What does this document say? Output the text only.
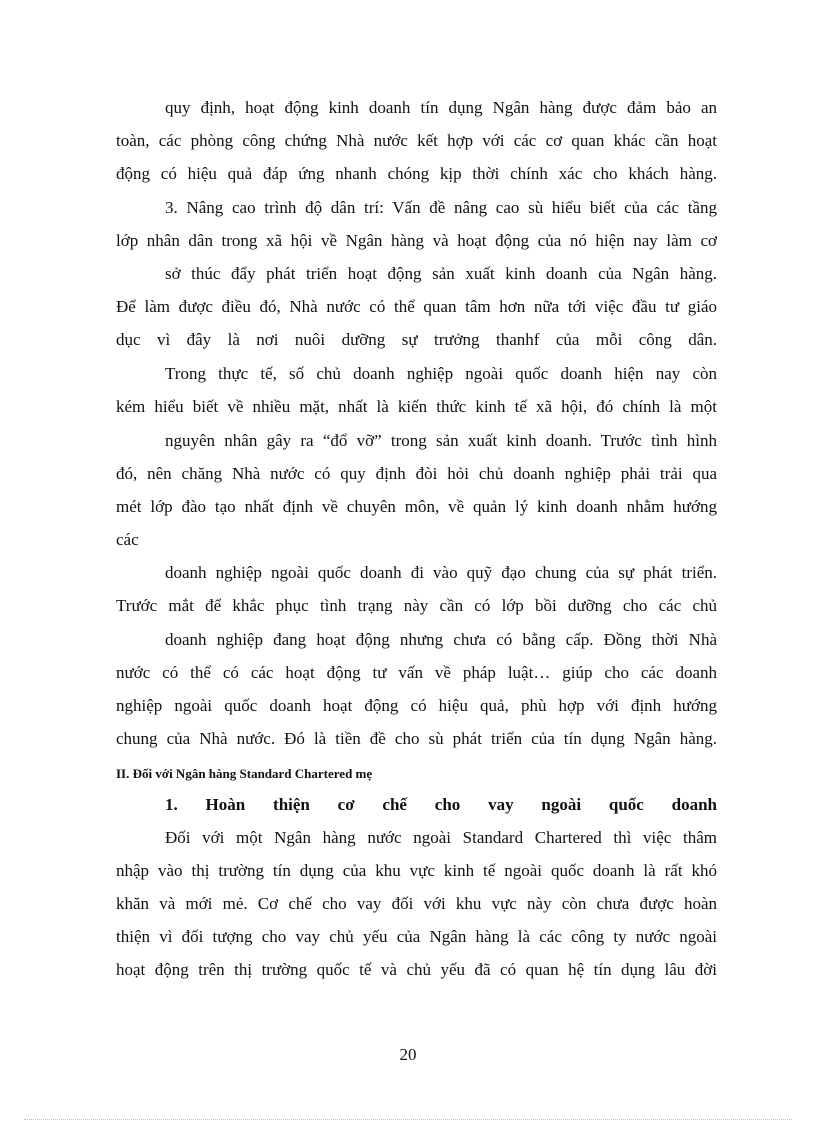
quy định, hoạt động kinh doanh tín dụng Ngân hàng được đảm bảo an
toàn, các phòng công chứng Nhà nước kết hợp với các cơ quan khác cần hoạt
động có hiệu quả đáp ứng nhanh chóng kịp thời chính xác cho khách hàng.
3. Nâng cao trình độ dân trí: Vấn đề nâng cao sù hiểu biết của các tầng
lớp nhân dân trong xã hội về Ngân hàng và hoạt động của nó hiện nay làm cơ
sở thúc đẩy phát triển hoạt động sản xuất kinh doanh của Ngân hàng.
Để làm được điều đó, Nhà nước có thể quan tâm hơn nữa tới việc đầu tư giáo
dục vì đây là nơi nuôi dưỡng sự trưởng thanhf của mỗi công dân.
Trong thực tế, số chủ doanh nghiệp ngoài quốc doanh hiện nay còn
kém hiểu biết về nhiều mặt, nhất là kiến thức kinh tế xã hội, đó chính là một
nguyên nhân gây ra “đổ vỡ” trong sản xuất kinh doanh. Trước tình hình
đó, nên chăng Nhà nước có quy định đòi hỏi chủ doanh nghiệp phải trải qua
mét lớp đào tạo nhất định về chuyên môn, về quản lý kinh doanh nhằm hướng
các
doanh nghiệp ngoài quốc doanh đi vào quỹ đạo chung của sự phát triển.
Trước mắt để khắc phục tình trạng này cần có lớp bồi dưỡng cho các chủ
doanh nghiệp đang hoạt động nhưng chưa có bằng cấp. Đồng thời Nhà
nước có thể có các hoạt động tư vấn về pháp luật… giúp cho các doanh
nghiệp ngoài quốc doanh hoạt động có hiệu quả, phù hợp với định hướng
chung của Nhà nước. Đó là tiền đề cho sù phát triển của tín dụng Ngân hàng.
II. Đối với Ngân hàng Standard Chartered mẹ
1. Hoàn thiện cơ chế cho vay ngoài quốc doanh
Đối với một Ngân hàng nước ngoài Standard Chartered thì việc thâm
nhập vào thị trường tín dụng của khu vực kinh tế ngoài quốc doanh là rất khó
khăn và mới mẻ. Cơ chế cho vay đối với khu vực này còn chưa được hoàn
thiện vì đối tượng cho vay chủ yếu của Ngân hàng là các công ty nước ngoài
hoạt động trên thị trường quốc tế và chủ yếu đã có quan hệ tín dụng lâu đời
20
